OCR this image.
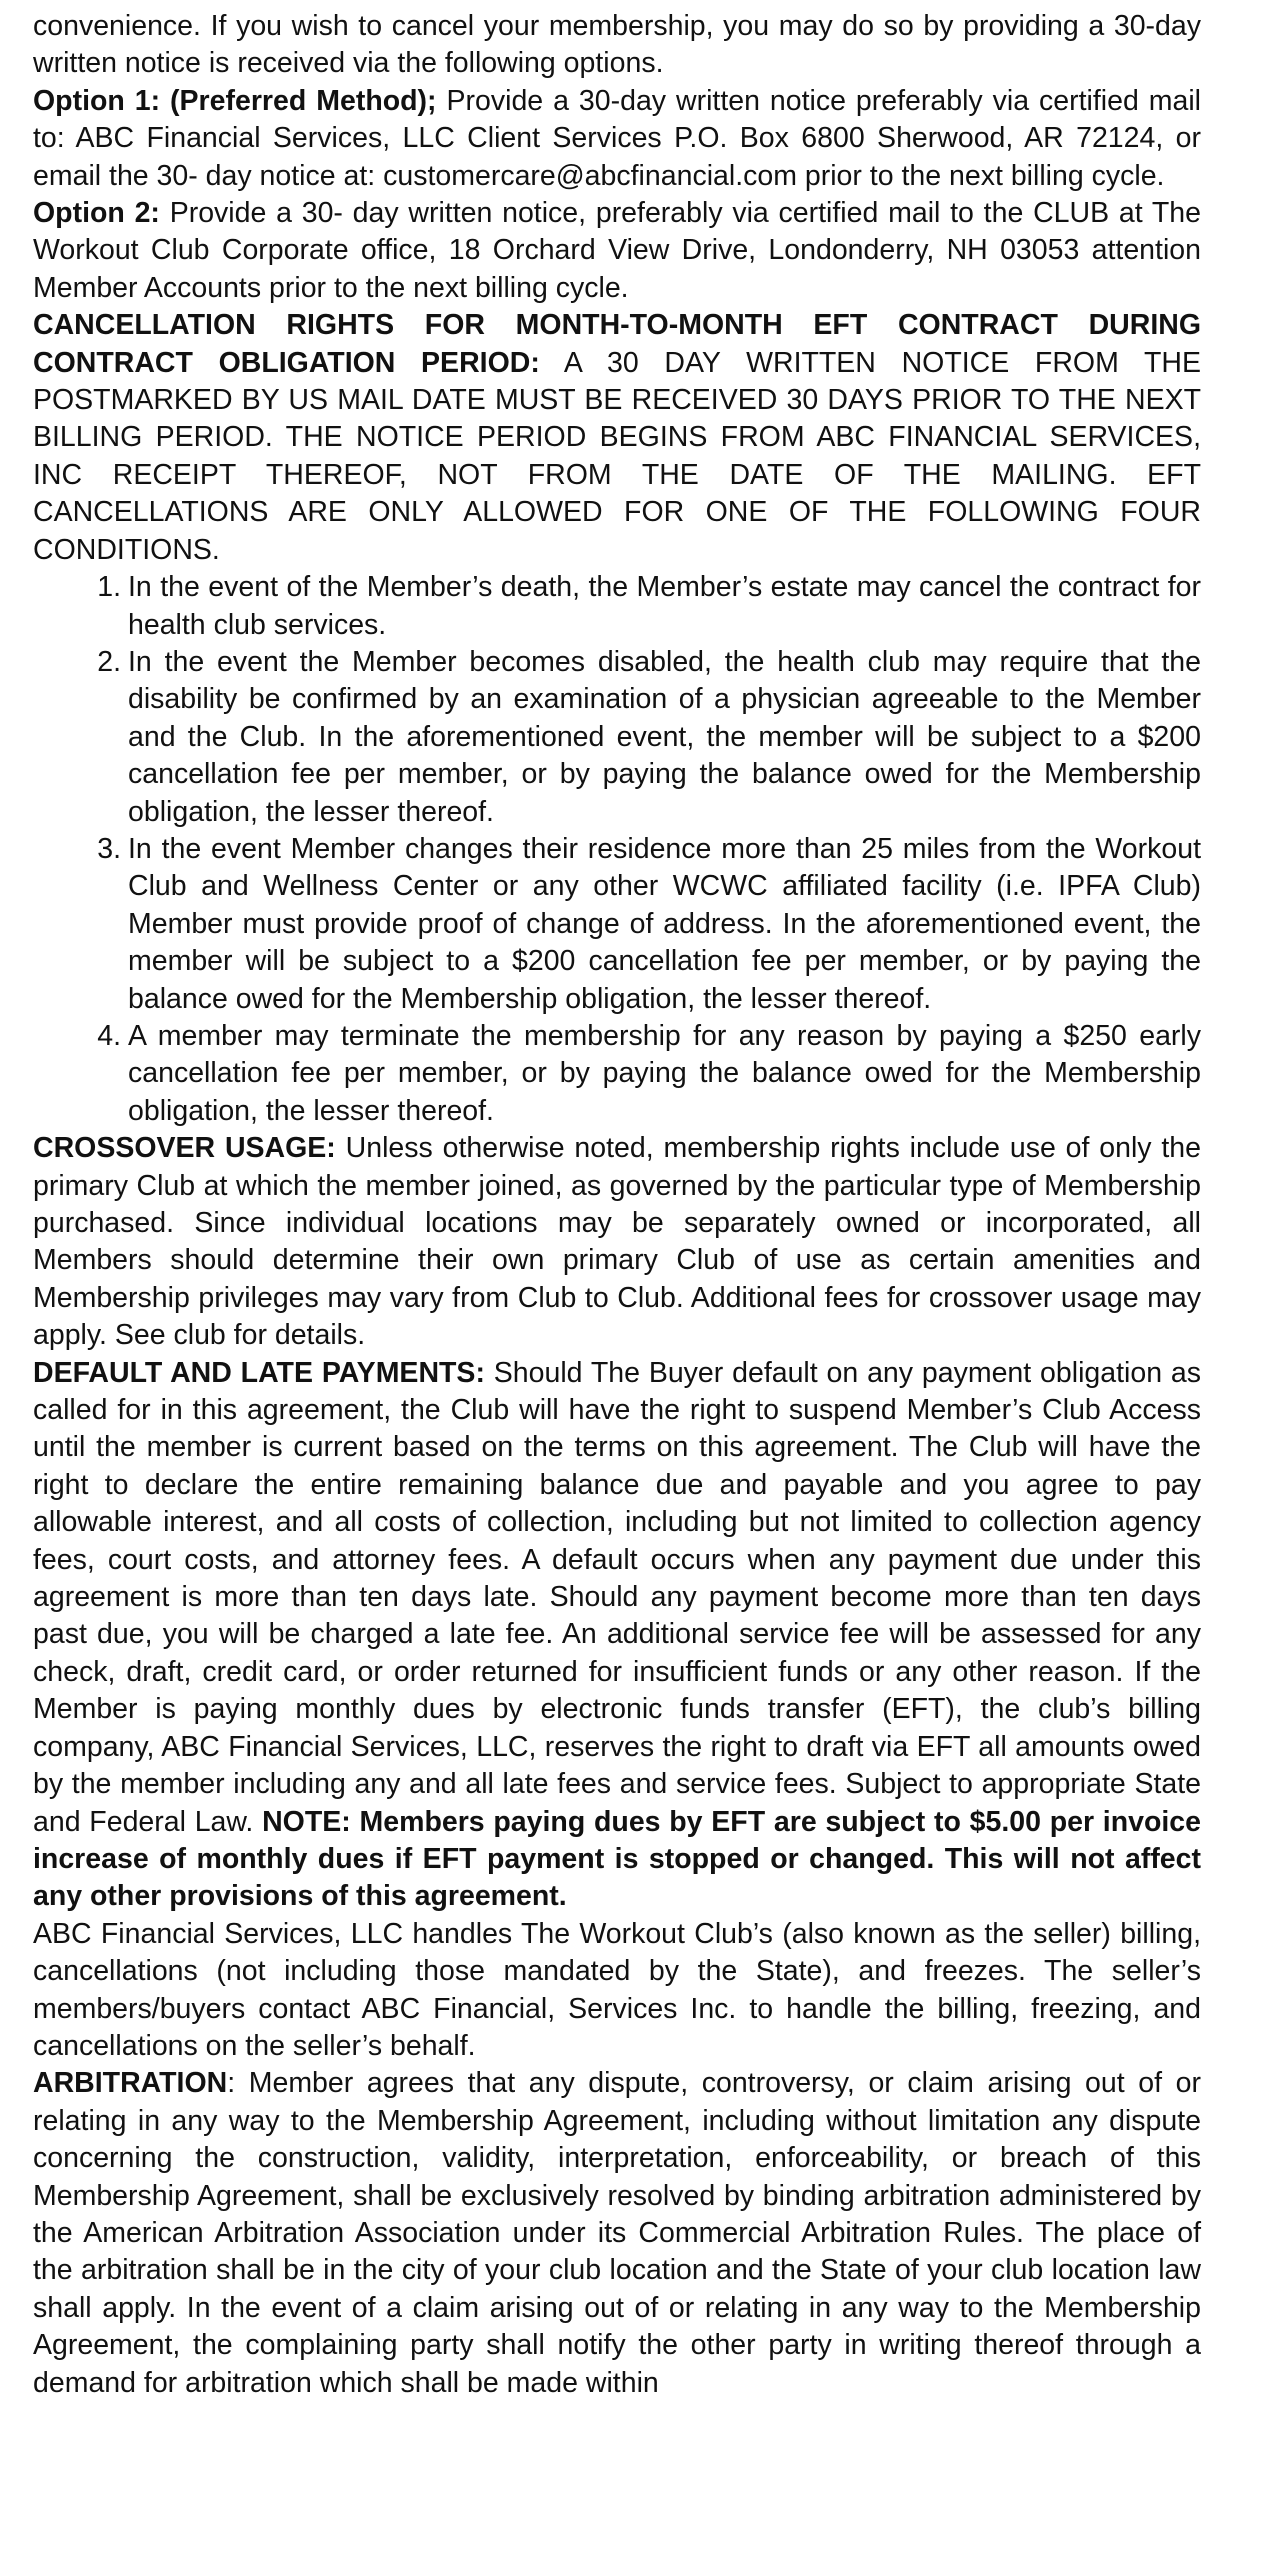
convenience. If you wish to cancel your membership, you may do so by providing a 30-day written notice is received via the following options.

Option 1: (Preferred Method); Provide a 30-day written notice preferably via certified mail to: ABC Financial Services, LLC Client Services P.O. Box 6800 Sherwood, AR 72124, or email the 30- day notice at: customercare@abcfinancial.com prior to the next billing cycle.

Option 2: Provide a 30- day written notice, preferably via certified mail to the CLUB at The Workout Club Corporate office, 18 Orchard View Drive, Londonderry, NH 03053 attention Member Accounts prior to the next billing cycle.

CANCELLATION RIGHTS FOR MONTH-TO-MONTH EFT CONTRACT DURING CONTRACT OBLIGATION PERIOD: A 30 DAY WRITTEN NOTICE FROM THE POSTMARKED BY US MAIL DATE MUST BE RECEIVED 30 DAYS PRIOR TO THE NEXT BILLING PERIOD. THE NOTICE PERIOD BEGINS FROM ABC FINANCIAL SERVICES, INC RECEIPT THEREOF, NOT FROM THE DATE OF THE MAILING. EFT CANCELLATIONS ARE ONLY ALLOWED FOR ONE OF THE FOLLOWING FOUR CONDITIONS.

1. In the event of the Member’s death, the Member’s estate may cancel the contract for health club services.
2. In the event the Member becomes disabled, the health club may require that the disability be confirmed by an examination of a physician agreeable to the Member and the Club. In the aforementioned event, the member will be subject to a $200 cancellation fee per member, or by paying the balance owed for the Membership obligation, the lesser thereof.
3. In the event Member changes their residence more than 25 miles from the Workout Club and Wellness Center or any other WCWC affiliated facility (i.e. IPFA Club) Member must provide proof of change of address. In the aforementioned event, the member will be subject to a $200 cancellation fee per member, or by paying the balance owed for the Membership obligation, the lesser thereof.
4. A member may terminate the membership for any reason by paying a $250 early cancellation fee per member, or by paying the balance owed for the Membership obligation, the lesser thereof.

CROSSOVER USAGE: Unless otherwise noted, membership rights include use of only the primary Club at which the member joined, as governed by the particular type of Membership purchased. Since individual locations may be separately owned or incorporated, all Members should determine their own primary Club of use as certain amenities and Membership privileges may vary from Club to Club. Additional fees for crossover usage may apply. See club for details.

DEFAULT AND LATE PAYMENTS: Should The Buyer default on any payment obligation as called for in this agreement, the Club will have the right to suspend Member’s Club Access until the member is current based on the terms on this agreement. The Club will have the right to declare the entire remaining balance due and payable and you agree to pay allowable interest, and all costs of collection, including but not limited to collection agency fees, court costs, and attorney fees. A default occurs when any payment due under this agreement is more than ten days late. Should any payment become more than ten days past due, you will be charged a late fee. An additional service fee will be assessed for any check, draft, credit card, or order returned for insufficient funds or any other reason. If the Member is paying monthly dues by electronic funds transfer (EFT), the club’s billing company, ABC Financial Services, LLC, reserves the right to draft via EFT all amounts owed by the member including any and all late fees and service fees. Subject to appropriate State and Federal Law. NOTE: Members paying dues by EFT are subject to $5.00 per invoice increase of monthly dues if EFT payment is stopped or changed. This will not affect any other provisions of this agreement.

ABC Financial Services, LLC handles The Workout Club’s (also known as the seller) billing, cancellations (not including those mandated by the State), and freezes. The seller’s members/buyers contact ABC Financial, Services Inc. to handle the billing, freezing, and cancellations on the seller’s behalf.

ARBITRATION: Member agrees that any dispute, controversy, or claim arising out of or relating in any way to the Membership Agreement, including without limitation any dispute concerning the construction, validity, interpretation, enforceability, or breach of this Membership Agreement, shall be exclusively resolved by binding arbitration administered by the American Arbitration Association under its Commercial Arbitration Rules. The place of the arbitration shall be in the city of your club location and the State of your club location law shall apply. In the event of a claim arising out of or relating in any way to the Membership Agreement, the complaining party shall notify the other party in writing thereof through a demand for arbitration which shall be made within
